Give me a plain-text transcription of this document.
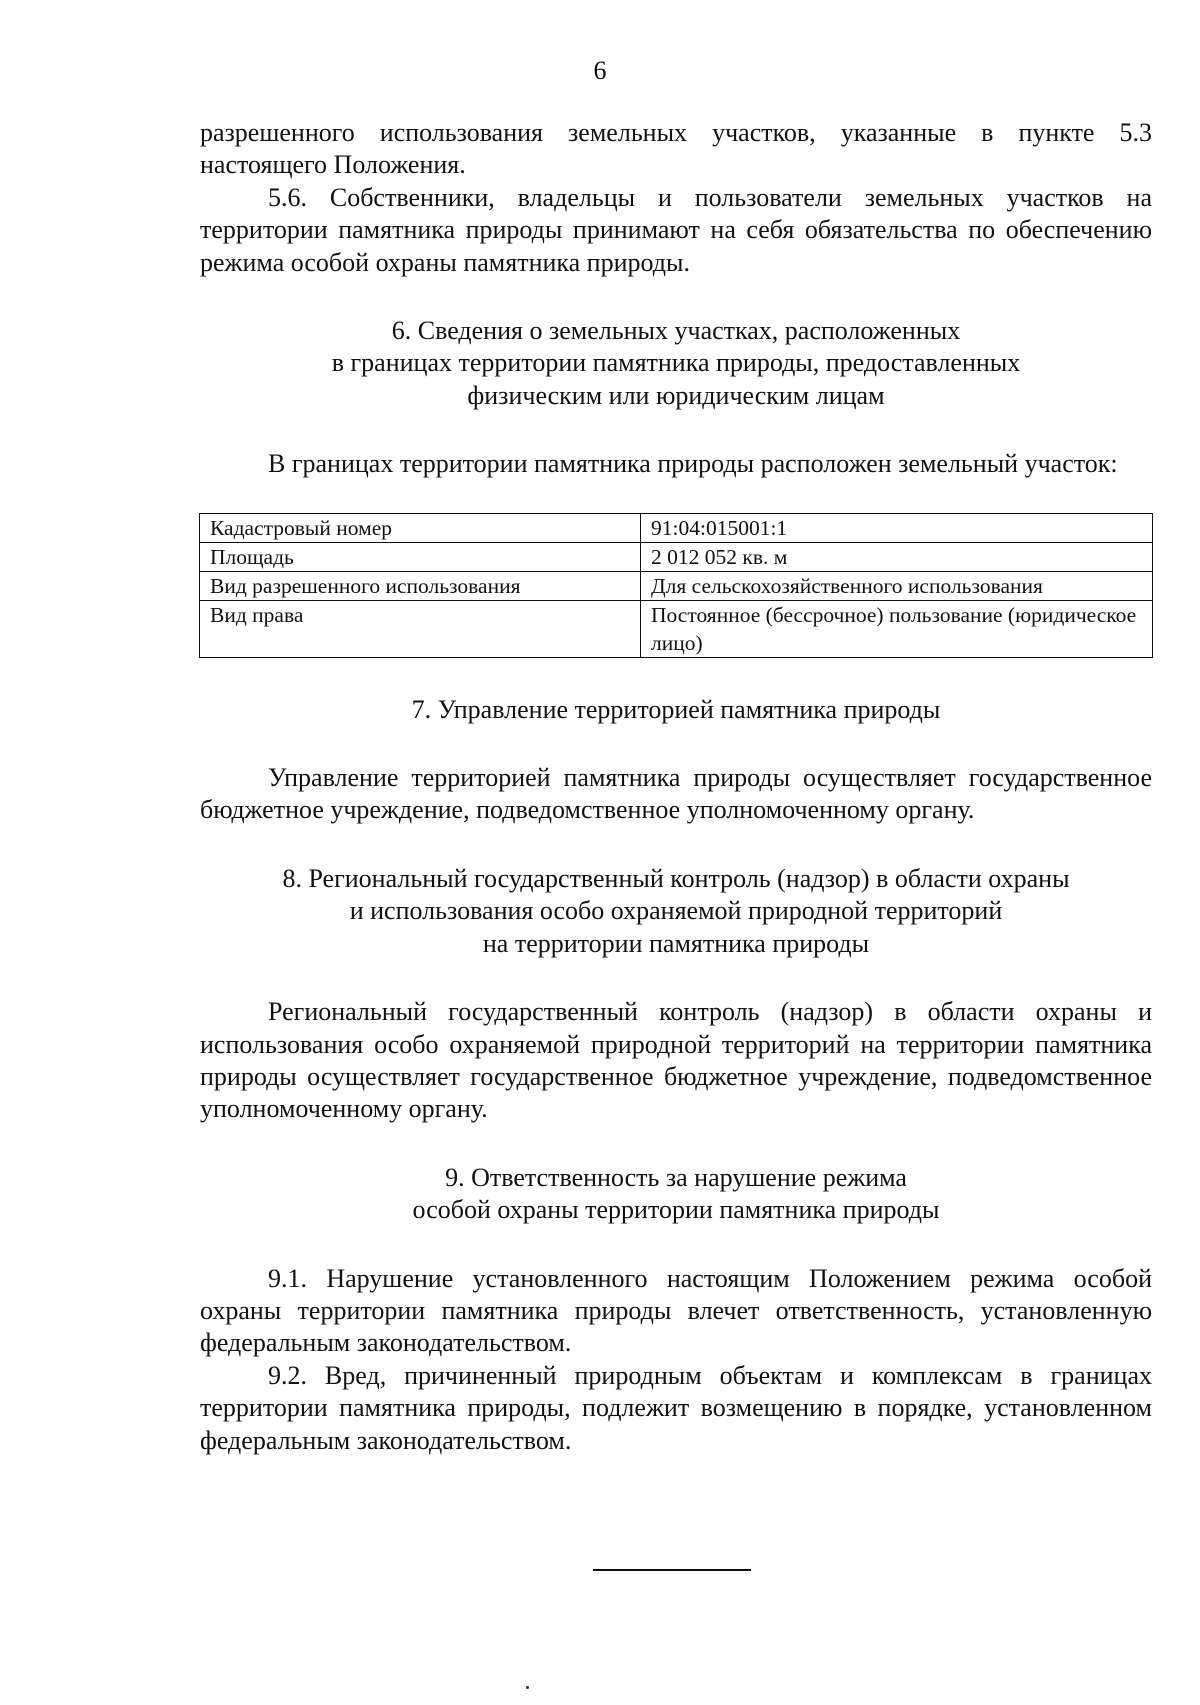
6

разрешенного использования земельных участков, указанные в пункте 5.3 настоящего Положения.

5.6. Собственники, владельцы и пользователи земельных участков на территории памятника природы принимают на себя обязательства по обеспечению режима особой охраны памятника природы.

6. Сведения о земельных участках, расположенных
в границах территории памятника природы, предоставленных
физическим или юридическим лицам

В границах территории памятника природы расположен земельный участок:

Кадастровый номер	91:04:015001:1
Площадь	2 012 052 кв. м
Вид разрешенного использования	Для сельскохозяйственного использования
Вид права	Постоянное (бессрочное) пользование (юридическое лицо)
7. Управление территорией памятника природы

Управление территорией памятника природы осуществляет государственное бюджетное учреждение, подведомственное уполномоченному органу.

8. Региональный государственный контроль (надзор) в области охраны
и использования особо охраняемой природной территорий
на территории памятника природы

Региональный государственный контроль (надзор) в области охраны и использования особо охраняемой природной территорий на территории памятника природы осуществляет государственное бюджетное учреждение, подведомственное уполномоченному органу.

9. Ответственность за нарушение режима
особой охраны территории памятника природы

9.1. Нарушение установленного настоящим Положением режима особой охраны территории памятника природы влечет ответственность, установленную федеральным законодательством.

9.2. Вред, причиненный природным объектам и комплексам в границах территории памятника природы, подлежит возмещению в порядке, установленном федеральным законодательством.
